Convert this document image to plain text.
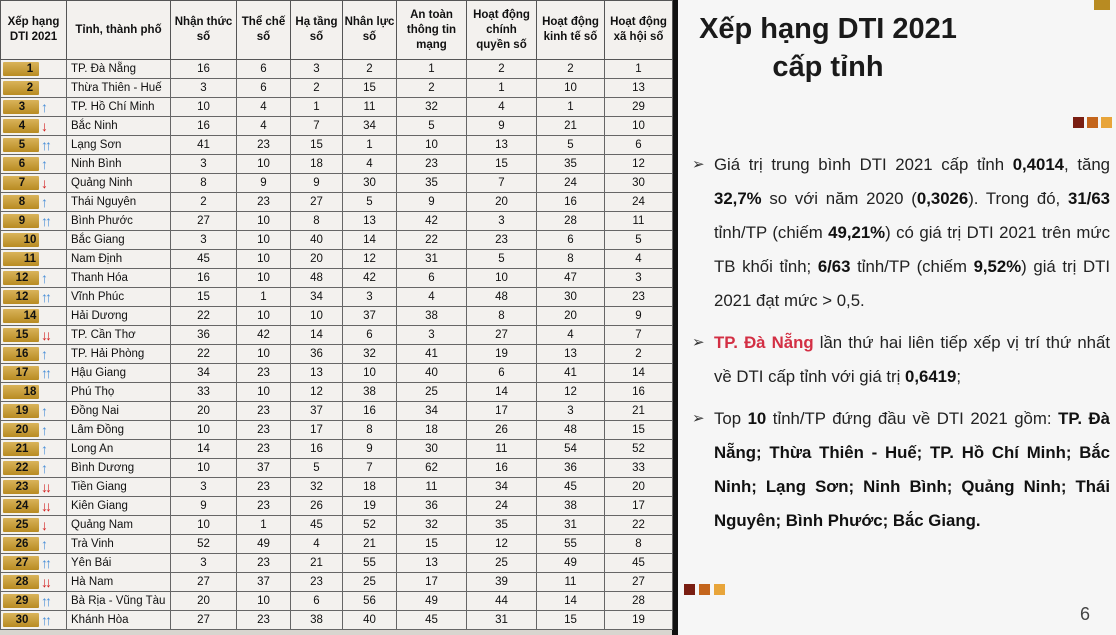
Xếp hạng DTI 2021	Tỉnh, thành phố	Nhận thức số	Thể chế số	Hạ tầng số	Nhân lực số	An toàn thông tin mạng	Hoạt động chính quyền số	Hoạt động kinh tế số	Hoạt động xã hội số

1	TP. Đà Nẵng	16	6	3	2	1	2	2	1

2	Thừa Thiên - Huế	3	6	2	15	2	1	10	13

3 ↑	TP. Hồ Chí Minh	10	4	1	11	32	4	1	29

4 ↓	Bắc Ninh	16	4	7	34	5	9	21	10

5 ↑↑	Lạng Sơn	41	23	15	1	10	13	5	6

6 ↑	Ninh Bình	3	10	18	4	23	15	35	12

7 ↓	Quảng Ninh	8	9	9	30	35	7	24	30

8 ↑	Thái Nguyên	2	23	27	5	9	20	16	24

9 ↑↑	Bình Phước	27	10	8	13	42	3	28	11

10	Bắc Giang	3	10	40	14	22	23	6	5

11	Nam Định	45	10	20	12	31	5	8	4

12 ↑	Thanh Hóa	16	10	48	42	6	10	47	3

12 ↑↑	Vĩnh Phúc	15	1	34	3	4	48	30	23

14	Hải Dương	22	10	10	37	38	8	20	9

15 ↓↓	TP. Cần Thơ	36	42	14	6	3	27	4	7

16 ↑	TP. Hải Phòng	22	10	36	32	41	19	13	2

17 ↑↑	Hậu Giang	34	23	13	10	40	6	41	14

18	Phú Thọ	33	10	12	38	25	14	12	16

19 ↑	Đồng Nai	20	23	37	16	34	17	3	21

20 ↑	Lâm Đồng	10	23	17	8	18	26	48	15

21 ↑	Long An	14	23	16	9	30	11	54	52

22 ↑	Bình Dương	10	37	5	7	62	16	36	33

23 ↓↓	Tiền Giang	3	23	32	18	11	34	45	20

24 ↓↓	Kiên Giang	9	23	26	19	36	24	38	17

25 ↓	Quảng Nam	10	1	45	52	32	35	31	22

26 ↑	Trà Vinh	52	49	4	21	15	12	55	8

27 ↑↑	Yên Bái	3	23	21	55	13	25	49	45

28 ↓↓	Hà Nam	27	37	23	25	17	39	11	27

29 ↑↑	Bà Rịa - Vũng Tàu	20	10	6	56	49	44	14	28

30 ↑↑	Khánh Hòa	27	23	38	40	45	31	15	19
Xếp hạng DTI 2021
cấp tỉnh
➢ Giá trị trung bình DTI 2021 cấp tỉnh 0,4014, tăng 32,7% so với năm 2020 (0,3026). Trong đó, 31/63 tỉnh/TP (chiếm 49,21%) có giá trị DTI 2021 trên mức TB khối tỉnh; 6/63 tỉnh/TP (chiếm 9,52%) giá trị DTI 2021 đạt mức > 0,5.
➢ TP. Đà Nẵng lần thứ hai liên tiếp xếp vị trí thứ nhất về DTI cấp tỉnh với giá trị 0,6419;
➢ Top 10 tỉnh/TP đứng đầu về DTI 2021 gồm: TP. Đà Nẵng; Thừa Thiên - Huế; TP. Hồ Chí Minh; Bắc Ninh; Lạng Sơn; Ninh Bình; Quảng Ninh; Thái Nguyên; Bình Phước; Bắc Giang.
6
